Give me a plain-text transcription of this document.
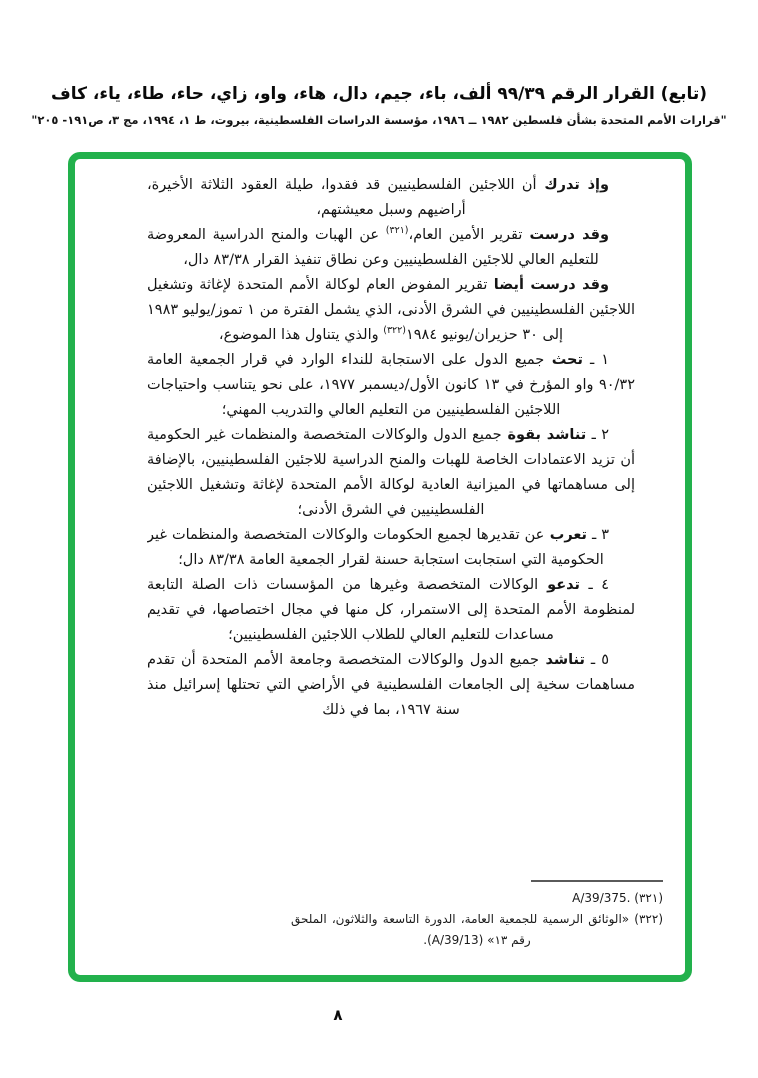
(تابع) القرار الرقم ٩٩/٣٩ ألف، باء، جيم، دال، هاء، واو، زاي، حاء، طاء، ياء، كاف
"قرارات الأمم المتحدة بشأن فلسطين ١٩٨٢ ــ ١٩٨٦، مؤسسة الدراسات الفلسطينية، بيروت، ط ١، ١٩٩٤، مج ٣، ص١٩١- ٢٠٥"

وإذ تدرك أن اللاجئين الفلسطينيين قد فقدوا، طيلة العقود الثلاثة الأخيرة، أراضيهم وسبل معيشتهم،

وقد درست تقرير الأمين العام،$^{(٣٢١)}$ عن الهبات والمنح الدراسية المعروضة للتعليم العالي للاجئين الفلسطينيين وعن نطاق تنفيذ القرار ٨٣/٣٨ دال،

وقد درست أيضا تقرير المفوض العام لوكالة الأمم المتحدة لإغاثة وتشغيل اللاجئين الفلسطينيين في الشرق الأدنى، الذي يشمل الفترة من ١ تموز/يوليو ١٩٨٣ إلى ٣٠ حزيران/يونيو ١٩٨٤$^{(٣٢٢)}$ والذي يتناول هذا الموضوع،

١ ـ تحث جميع الدول على الاستجابة للنداء الوارد في قرار الجمعية العامة ٩٠/٣٢ واو المؤرخ في ١٣ كانون الأول/ديسمبر ١٩٧٧، على نحو يتناسب واحتياجات اللاجئين الفلسطينيين من التعليم العالي والتدريب المهني؛

٢ ـ تناشد بقوة جميع الدول والوكالات المتخصصة والمنظمات غير الحكومية أن تزيد الاعتمادات الخاصة للهبات والمنح الدراسية للاجئين الفلسطينيين، بالإضافة إلى مساهماتها في الميزانية العادية لوكالة الأمم المتحدة لإغاثة وتشغيل اللاجئين الفلسطينيين في الشرق الأدنى؛

٣ ـ تعرب عن تقديرها لجميع الحكومات والوكالات المتخصصة والمنظمات غير الحكومية التي استجابت استجابة حسنة لقرار الجمعية العامة ٨٣/٣٨ دال؛

٤ ـ تدعو الوكالات المتخصصة وغيرها من المؤسسات ذات الصلة التابعة لمنظومة الأمم المتحدة إلى الاستمرار، كل منها في مجال اختصاصها، في تقديم مساعدات للتعليم العالي للطلاب اللاجئين الفلسطينيين؛

٥ ـ تناشد جميع الدول والوكالات المتخصصة وجامعة الأمم المتحدة أن تقدم مساهمات سخية إلى الجامعات الفلسطينية في الأراضي التي تحتلها إسرائيل منذ سنة ١٩٦٧، بما في ذلك

(٣٢١) A/39/375.‎
(٣٢٢) «الوثائق الرسمية للجمعية العامة، الدورة التاسعة والثلاثون، الملحق رقم ١٣» (A/39/13).
٨
